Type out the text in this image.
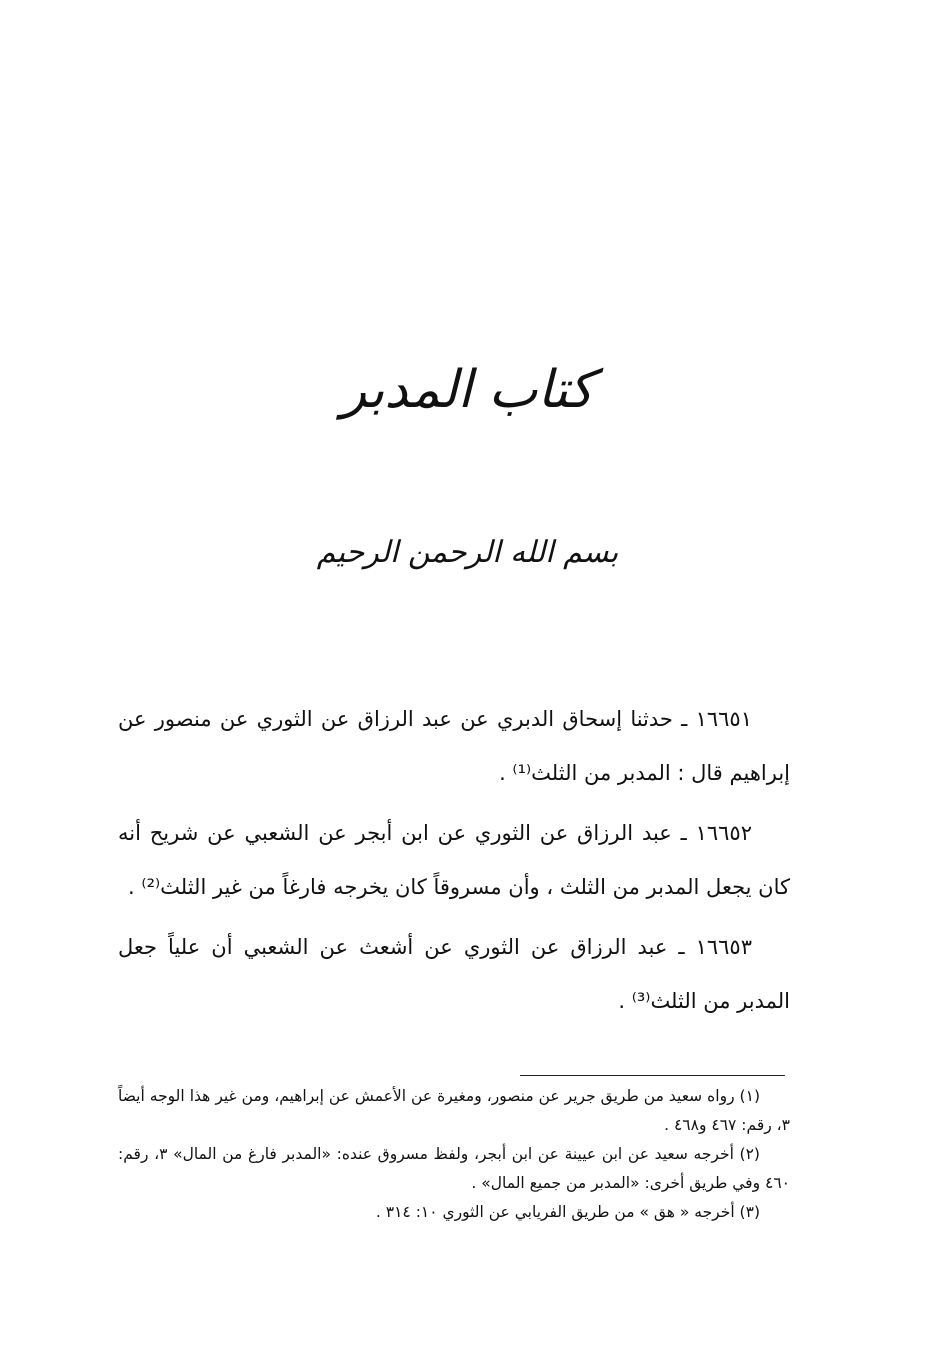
كتاب المدبر
بسم الله الرحمن الرحيم

١٦٦٥١ ـ حدثنا إسحاق الدبري عن عبد الرزاق عن الثوري عن منصور عن إبراهيم قال : المدبر من الثلث⁽¹⁾ .

١٦٦٥٢ ـ عبد الرزاق عن الثوري عن ابن أبجر عن الشعبي عن شريح أنه كان يجعل المدبر من الثلث ، وأن مسروقاً كان يخرجه فارغاً من غير الثلث⁽²⁾ .

١٦٦٥٣ ـ عبد الرزاق عن الثوري عن أشعث عن الشعبي أن علياً جعل المدبر من الثلث⁽³⁾ .

(١) رواه سعيد من طريق جرير عن منصور، ومغيرة عن الأعمش عن إبراهيم، ومن غير هذا الوجه أيضاً ٣، رقم: ٤٦٧ و٤٦٨ .

(٢) أخرجه سعيد عن ابن عيينة عن ابن أبجر، ولفظ مسروق عنده: «المدبر فارغ من المال» ٣، رقم: ٤٦٠ وفي طريق أخرى: «المدبر من جميع المال» .

(٣) أخرجه « هق » من طريق الفريابي عن الثوري ١٠: ٣١٤ .
